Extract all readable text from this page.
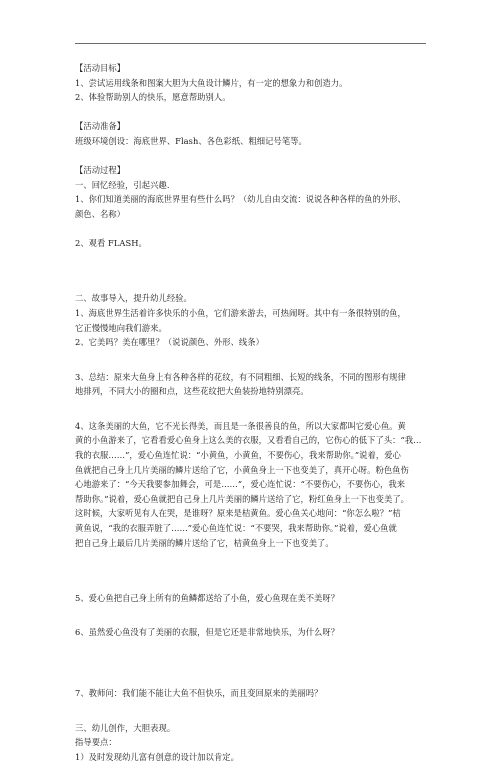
【活动目标】
1、尝试运用线条和图案大胆为大鱼设计鳞片，有一定的想象力和创造力。
2、体验帮助别人的快乐，愿意帮助别人。
【活动准备】
班级环境创设：海底世界、Flash、各色彩纸、粗细记号笔等。
【活动过程】
一、回忆经验，引起兴趣.
1、你们知道美丽的海底世界里有些什么吗？（幼儿自由交流：说说各种各样的鱼的外形、
颜色、名称）
2、观看 FLASH。
二、故事导入，提升幼儿经验。
1、海底世界生活着许多快乐的小鱼，它们游来游去，可热闹呀。其中有一条很特别的鱼，
它正慢慢地向我们游来。
2、它美吗？美在哪里？（说说颜色、外形、线条）
3、总结：原来大鱼身上有各种各样的花纹，有不同粗细、长短的线条，不同的图形有规律
地排列，不同大小的圈和点，这些花纹把大鱼装扮地特别漂亮。
4、这条美丽的大鱼，它不光长得美，而且是一条很善良的鱼，所以大家都叫它爱心鱼。黄
黄的小鱼游来了，它看看爱心鱼身上这么美的衣服，又看看自己的，它伤心的低下了头：“我…
我的衣服……”，爱心鱼连忙说：“小黄鱼，小黄鱼，不要伤心，我来帮助你。”说着，爱心
鱼就把自己身上几片美丽的鳞片送给了它，小黄鱼身上一下也变美了，真开心呀。粉色鱼伤
心地游来了：“今天我要参加舞会，可是……”，爱心连忙说：“不要伤心，不要伤心，我来
帮助你。”说着，爱心鱼就把自己身上几片美丽的鳞片送给了它，粉红鱼身上一下也变美了。
这时候，大家听见有人在哭，是谁呀？原来是桔黄鱼。爱心鱼关心地问：“你怎么啦？”桔
黄鱼说，“我的衣服弄脏了……”爱心鱼连忙说：“不要哭，我来帮助你。”说着，爱心鱼就
把自己身上最后几片美丽的鳞片送给了它，桔黄鱼身上一下也变美了。
5、爱心鱼把自己身上所有的鱼鳞都送给了小鱼，爱心鱼现在美不美呀？
6、虽然爱心鱼没有了美丽的衣服，但是它还是非常地快乐，为什么呀？
7、教师问：我们能不能让大鱼不但快乐，而且变回原来的美丽吗？
三、幼儿创作，大胆表现。
指导要点：
1）及时发现幼儿富有创意的设计加以肯定。
